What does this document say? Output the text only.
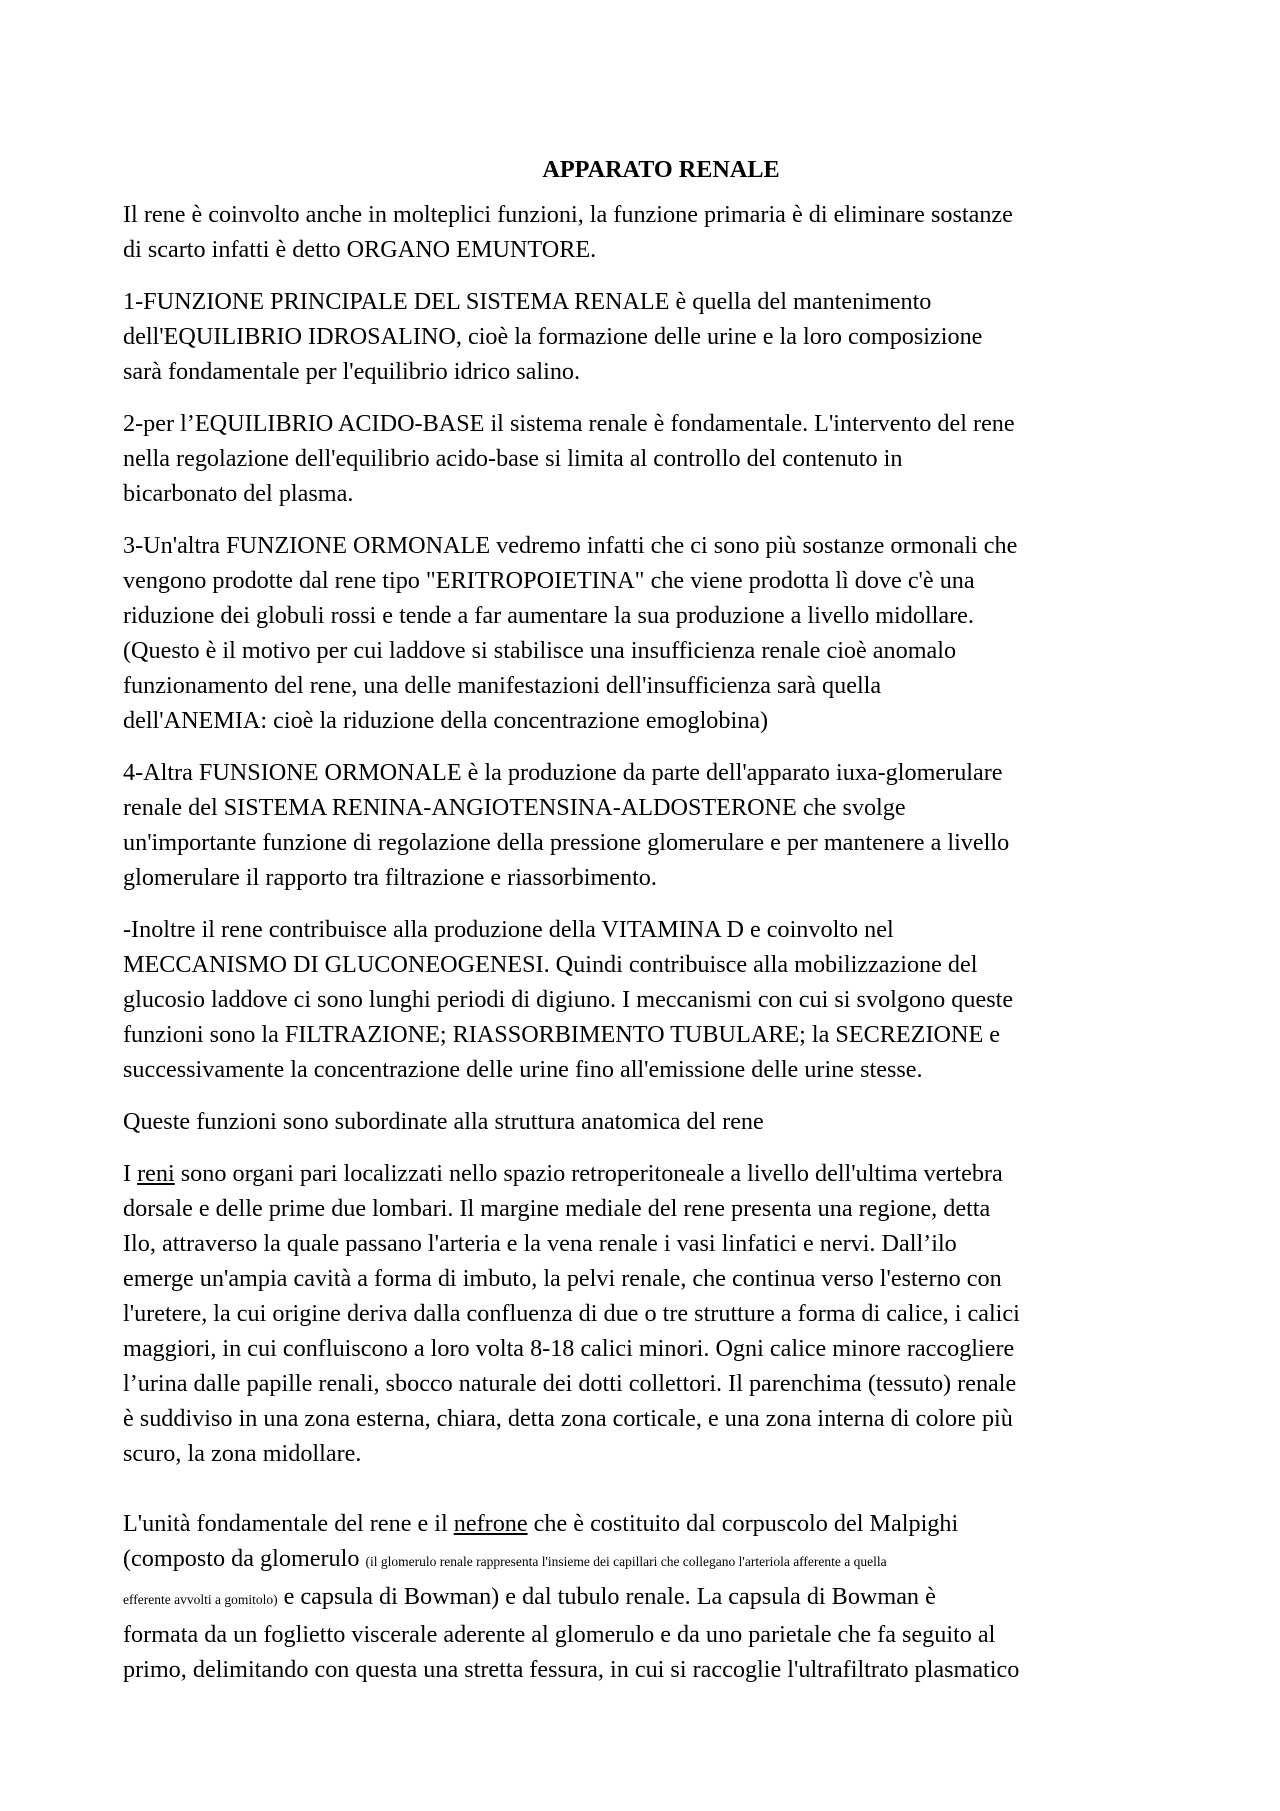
APPARATO RENALE
Il rene è coinvolto anche in molteplici funzioni, la funzione primaria è di eliminare sostanze
di scarto infatti è detto ORGANO EMUNTORE.
1-FUNZIONE PRINCIPALE DEL SISTEMA RENALE è quella del mantenimento
dell'EQUILIBRIO IDROSALINO, cioè la formazione delle urine e la loro composizione
sarà fondamentale per l'equilibrio idrico salino.
2-per l’EQUILIBRIO ACIDO-BASE il sistema renale è fondamentale. L'intervento del rene
nella regolazione dell'equilibrio acido-base si limita al controllo del contenuto in
bicarbonato del plasma.
3-Un'altra FUNZIONE ORMONALE vedremo infatti che ci sono più sostanze ormonali che
vengono prodotte dal rene tipo "ERITROPOIETINA" che viene prodotta lì dove c'è una
riduzione dei globuli rossi e tende a far aumentare la sua produzione a livello midollare.
(Questo è il motivo per cui laddove si stabilisce una insufficienza renale cioè anomalo
funzionamento del rene, una delle manifestazioni dell'insufficienza sarà quella
dell'ANEMIA: cioè la riduzione della concentrazione emoglobina)
4-Altra FUNSIONE ORMONALE è la produzione da parte dell'apparato iuxa-glomerulare
renale del SISTEMA RENINA-ANGIOTENSINA-ALDOSTERONE che svolge
un'importante funzione di regolazione della pressione glomerulare e per mantenere a livello
glomerulare il rapporto tra filtrazione e riassorbimento.
-Inoltre il rene contribuisce alla produzione della VITAMINA D e coinvolto nel
MECCANISMO DI GLUCONEOGENESI. Quindi contribuisce alla mobilizzazione del
glucosio laddove ci sono lunghi periodi di digiuno. I meccanismi con cui si svolgono queste
funzioni sono la FILTRAZIONE; RIASSORBIMENTO TUBULARE; la SECREZIONE e
successivamente la concentrazione delle urine fino all'emissione delle urine stesse.
Queste funzioni sono subordinate alla struttura anatomica del rene
I reni sono organi pari localizzati nello spazio retroperitoneale a livello dell'ultima vertebra
dorsale e delle prime due lombari. Il margine mediale del rene presenta una regione, detta
Ilo, attraverso la quale passano l'arteria e la vena renale i vasi linfatici e nervi. Dall’ilo
emerge un'ampia cavità a forma di imbuto, la pelvi renale, che continua verso l'esterno con
l'uretere, la cui origine deriva dalla confluenza di due o tre strutture a forma di calice, i calici
maggiori, in cui confluiscono a loro volta 8-18 calici minori. Ogni calice minore raccogliere
l’urina dalle papille renali, sbocco naturale dei dotti collettori. Il parenchima (tessuto) renale
è suddiviso in una zona esterna, chiara, detta zona corticale, e una zona interna di colore più
scuro, la zona midollare.
L'unità fondamentale del rene e il nefrone che è costituito dal corpuscolo del Malpighi
(composto da glomerulo (il glomerulo renale rappresenta l'insieme dei capillari che collegano l'arteriola afferente a quella
efferente avvolti a gomitolo) e capsula di Bowman) e dal tubulo renale. La capsula di Bowman è
formata da un foglietto viscerale aderente al glomerulo e da uno parietale che fa seguito al
primo, delimitando con questa una stretta fessura, in cui si raccoglie l'ultrafiltrato plasmatico
